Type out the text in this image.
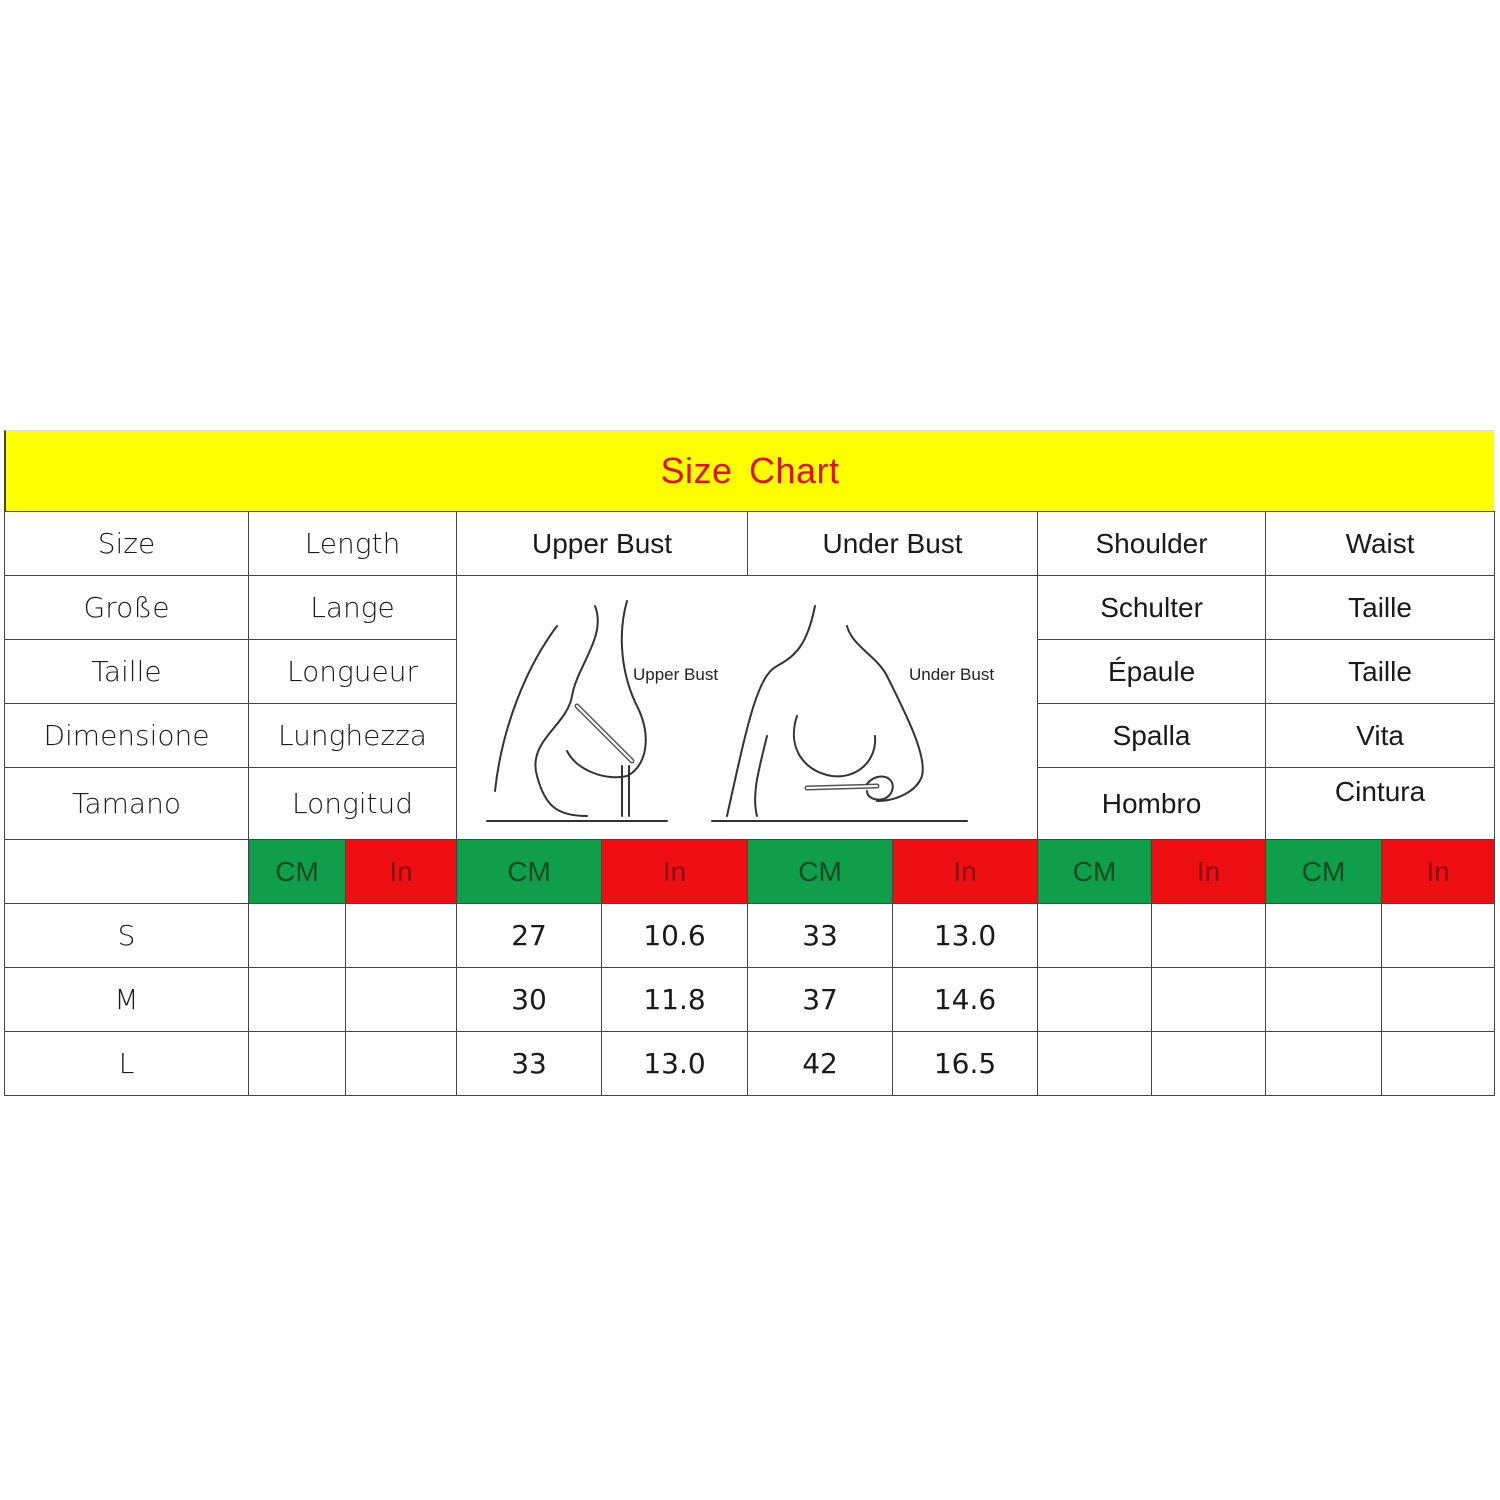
Size Chart
Size	Length		Upper Bust		Under Bust		Shoulder		Waist	
Große	Lange		Upper Bust Under Bust				Schulter		Taille	
Taille	Longueur						Épaule		Taille	
Dimensione	Lunghezza						Spalla		Vita	
Tamano	Longitud						Hombro		Cintura	
	CM	In	CM	In	CM	In	CM	In	CM	In
S			27	10.6	33	13.0				
M			30	11.8	37	14.6				
L			33	13.0	42	16.5				
